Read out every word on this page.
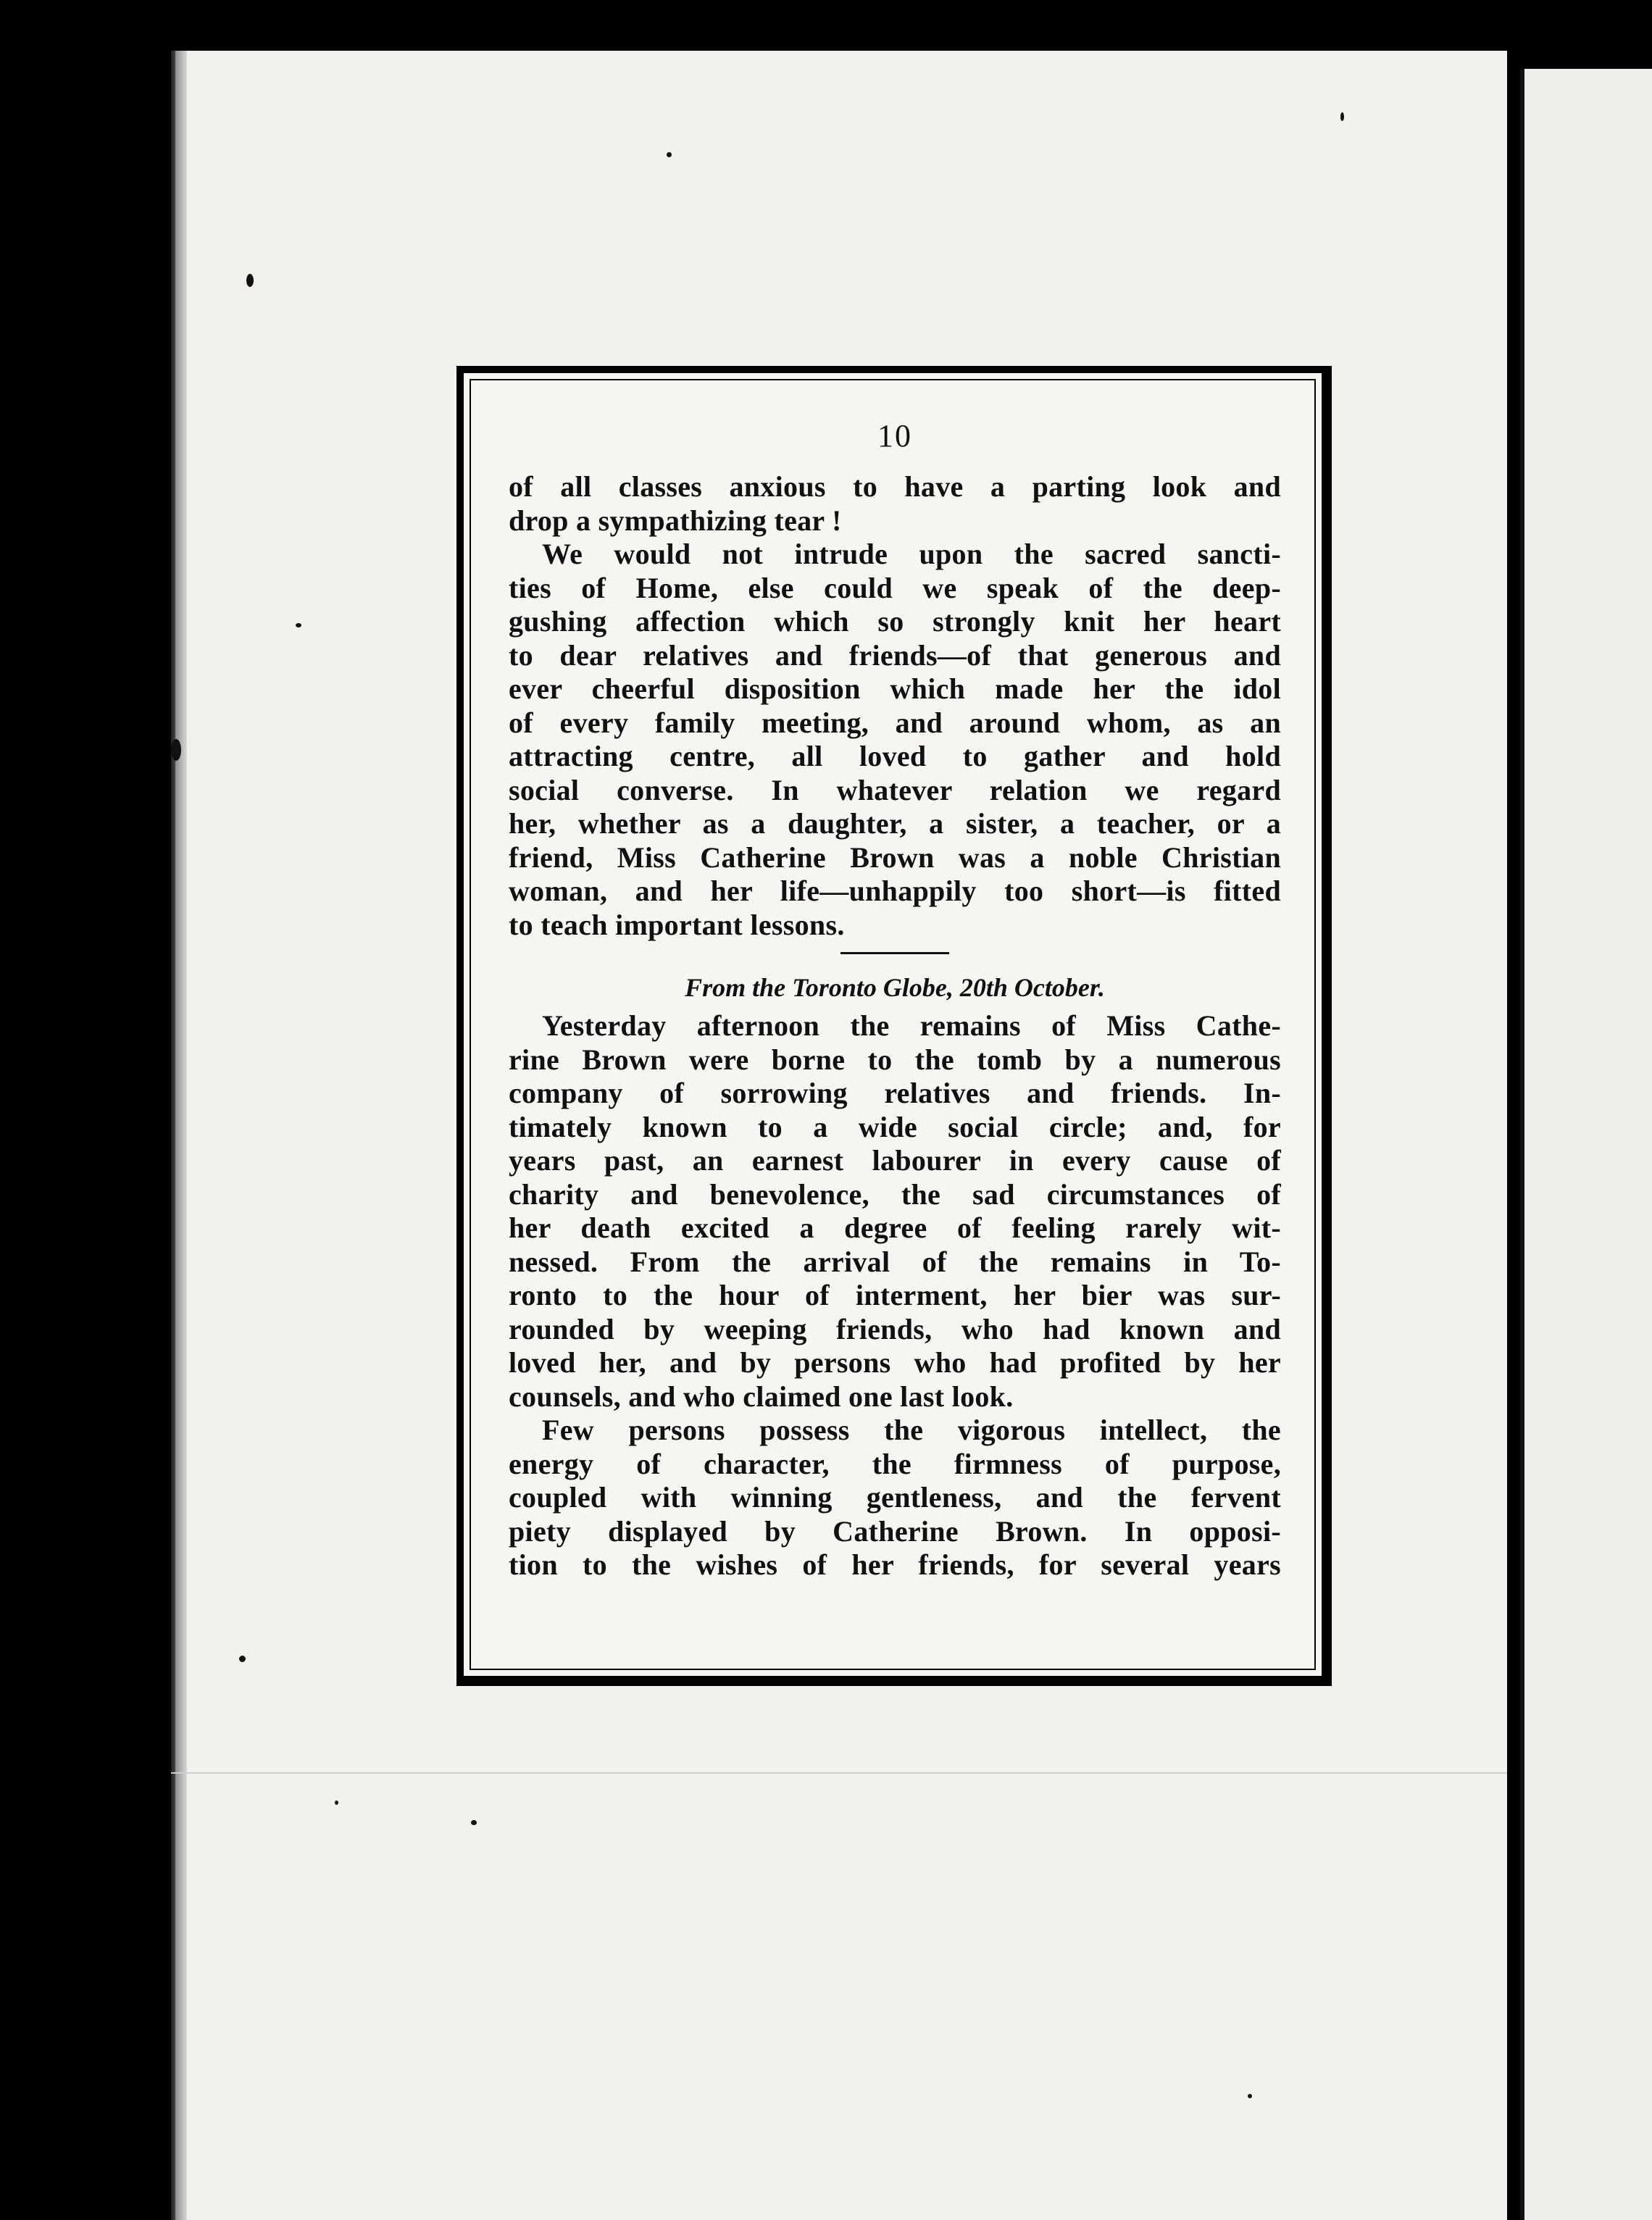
10
of all classes anxious to have a parting look and
drop a sympathizing tear !
We would not intrude upon the sacred sancti-
ties of Home, else could we speak of the deep-
gushing affection which so strongly knit her heart
to dear relatives and friends—of that generous and
ever cheerful disposition which made her the idol
of every family meeting, and around whom, as an
attracting centre, all loved to gather and hold
social converse. In whatever relation we regard
her, whether as a daughter, a sister, a teacher, or a
friend, Miss Catherine Brown was a noble Christian
woman, and her life—unhappily too short—is fitted
to teach important lessons.
From the Toronto Globe, 20th October.
Yesterday afternoon the remains of Miss Cathe-
rine Brown were borne to the tomb by a numerous
company of sorrowing relatives and friends. In-
timately known to a wide social circle; and, for
years past, an earnest labourer in every cause of
charity and benevolence, the sad circumstances of
her death excited a degree of feeling rarely wit-
nessed. From the arrival of the remains in To-
ronto to the hour of interment, her bier was sur-
rounded by weeping friends, who had known and
loved her, and by persons who had profited by her
counsels, and who claimed one last look.
Few persons possess the vigorous intellect, the
energy of character, the firmness of purpose,
coupled with winning gentleness, and the fervent
piety displayed by Catherine Brown. In opposi-
tion to the wishes of her friends, for several years
